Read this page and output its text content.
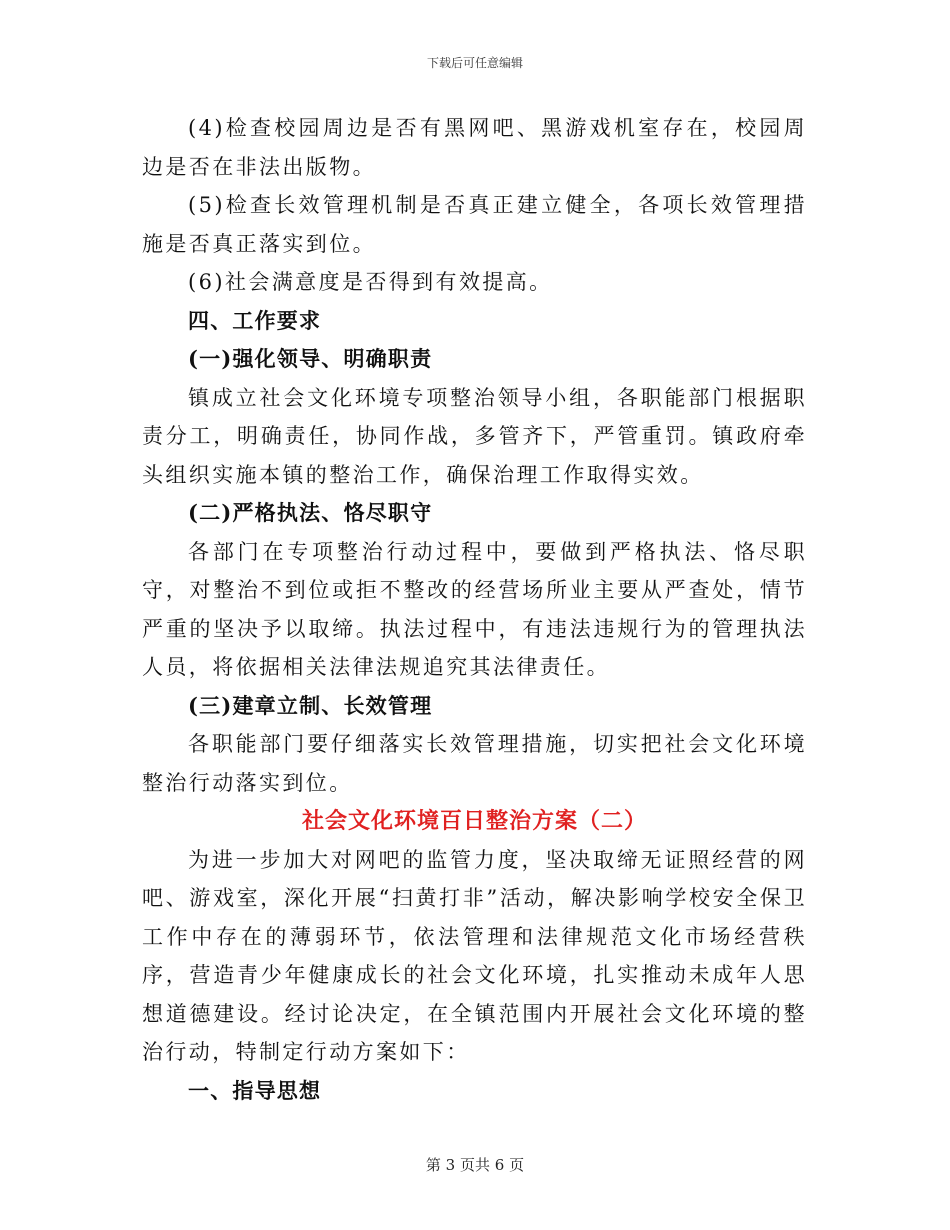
下载后可任意编辑

(4)检查校园周边是否有黑网吧、黑游戏机室存在，校园周边是否在非法出版物。

(5)检查长效管理机制是否真正建立健全，各项长效管理措施是否真正落实到位。

(6)社会满意度是否得到有效提高。

四、工作要求

(一)强化领导、明确职责

镇成立社会文化环境专项整治领导小组，各职能部门根据职责分工，明确责任，协同作战，多管齐下，严管重罚。镇政府牵头组织实施本镇的整治工作，确保治理工作取得实效。

(二)严格执法、恪尽职守

各部门在专项整治行动过程中，要做到严格执法、恪尽职守，对整治不到位或拒不整改的经营场所业主要从严查处，情节严重的坚决予以取缔。执法过程中，有违法违规行为的管理执法人员，将依据相关法律法规追究其法律责任。

(三)建章立制、长效管理

各职能部门要仔细落实长效管理措施，切实把社会文化环境整治行动落实到位。

社会文化环境百日整治方案（二）

为进一步加大对网吧的监管力度，坚决取缔无证照经营的网吧、游戏室，深化开展“扫黄打非”活动，解决影响学校安全保卫工作中存在的薄弱环节，依法管理和法律规范文化市场经营秩序，营造青少年健康成长的社会文化环境，扎实推动未成年人思想道德建设。经讨论决定，在全镇范围内开展社会文化环境的整治行动，特制定行动方案如下：

一、指导思想

第 3 页共 6 页
